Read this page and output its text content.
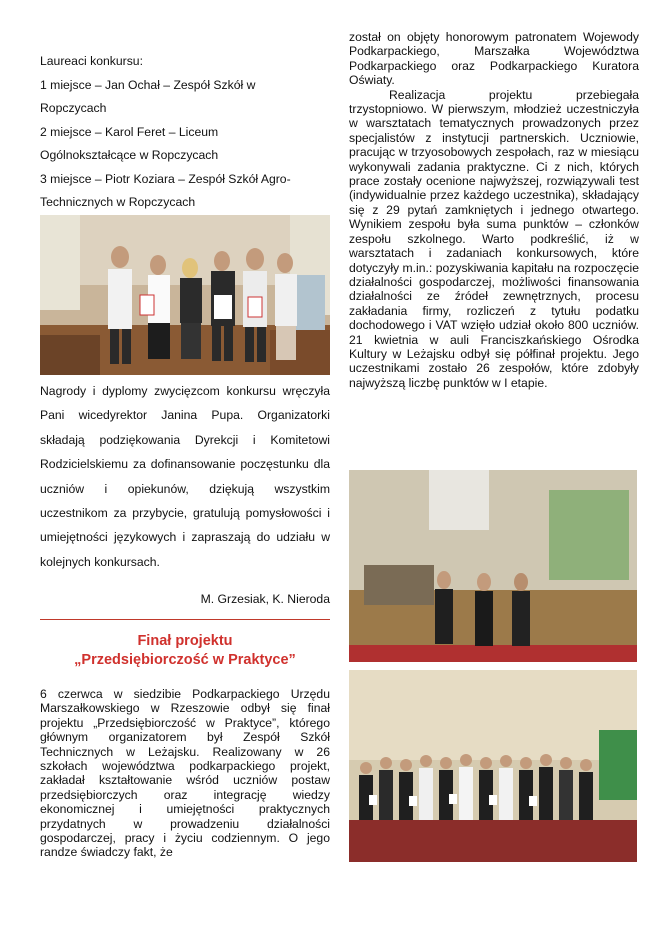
Laureaci konkursu:

1 miejsce – Jan Ochał – Zespół Szkół w

Ropczycach

2 miejsce – Karol Feret – Liceum

Ogólnokształcące w Ropczycach

3 miejsce – Piotr Koziara – Zespół Szkół Agro-

Technicznych w Ropczycach

Nagrody i dyplomy zwycięzcom konkursu wręczyła Pani wicedyrektor Janina Pupa. Organizatorki składają podziękowania Dyrekcji i Komitetowi Rodzicielskiemu za dofinansowanie poczęstunku dla uczniów i opiekunów, dziękują wszystkim uczestnikom za przybycie, gratulują pomysłowości i umiejętności językowych i zapraszają do udziału w kolejnych konkursach.

M. Grzesiak, K. Nieroda

Finał projektu
„Przedsiębiorczość w Praktyce”

6 czerwca w siedzibie Podkarpackiego Urzędu Marszałkowskiego w Rzeszowie odbył się finał projektu „Przedsiębiorczość w Praktyce”, którego głównym organizatorem był Zespół Szkół Technicznych w Leżajsku. Realizowany w 26 szkołach województwa podkarpackiego projekt, zakładał kształtowanie wśród uczniów postaw przedsiębiorczych oraz integrację wiedzy ekonomicznej i umiejętności praktycznych przydatnych w prowadzeniu działalności gospodarczej, pracy i życiu codziennym. O jego randze świadczy fakt, że

został on objęty honorowym patronatem Wojewody Podkarpackiego, Marszałka Województwa Podkarpackiego oraz Podkarpackiego Kuratora Oświaty.

Realizacja projektu przebiegała trzystopniowo. W pierwszym, młodzież uczestniczyła w warsztatach tematycznych prowadzonych przez specjalistów z instytucji partnerskich. Uczniowie, pracując w trzyosobowych zespołach, raz w miesiącu wykonywali zadania praktyczne. Ci z nich, których prace zostały ocenione najwyższej, rozwiązywali test (indywidualnie przez każdego uczestnika), składający się z 29 pytań zamkniętych i jednego otwartego. Wynikiem zespołu była suma punktów – członków zespołu szkolnego. Warto podkreślić, iż w warsztatach i zadaniach konkursowych, które dotyczyły m.in.: pozyskiwania kapitału na rozpoczęcie działalności gospodarczej, możliwości finansowania działalności ze źródeł zewnętrznych, procesu zakładania firmy, rozliczeń z tytułu podatku dochodowego i VAT wzięło udział około 800 uczniów. 21 kwietnia w auli Franciszkańskiego Ośrodka Kultury w Leżajsku odbył się półfinał projektu. Jego uczestnikami zostało 26 zespołów, które zdobyły najwyższą liczbę punktów w I etapie.
